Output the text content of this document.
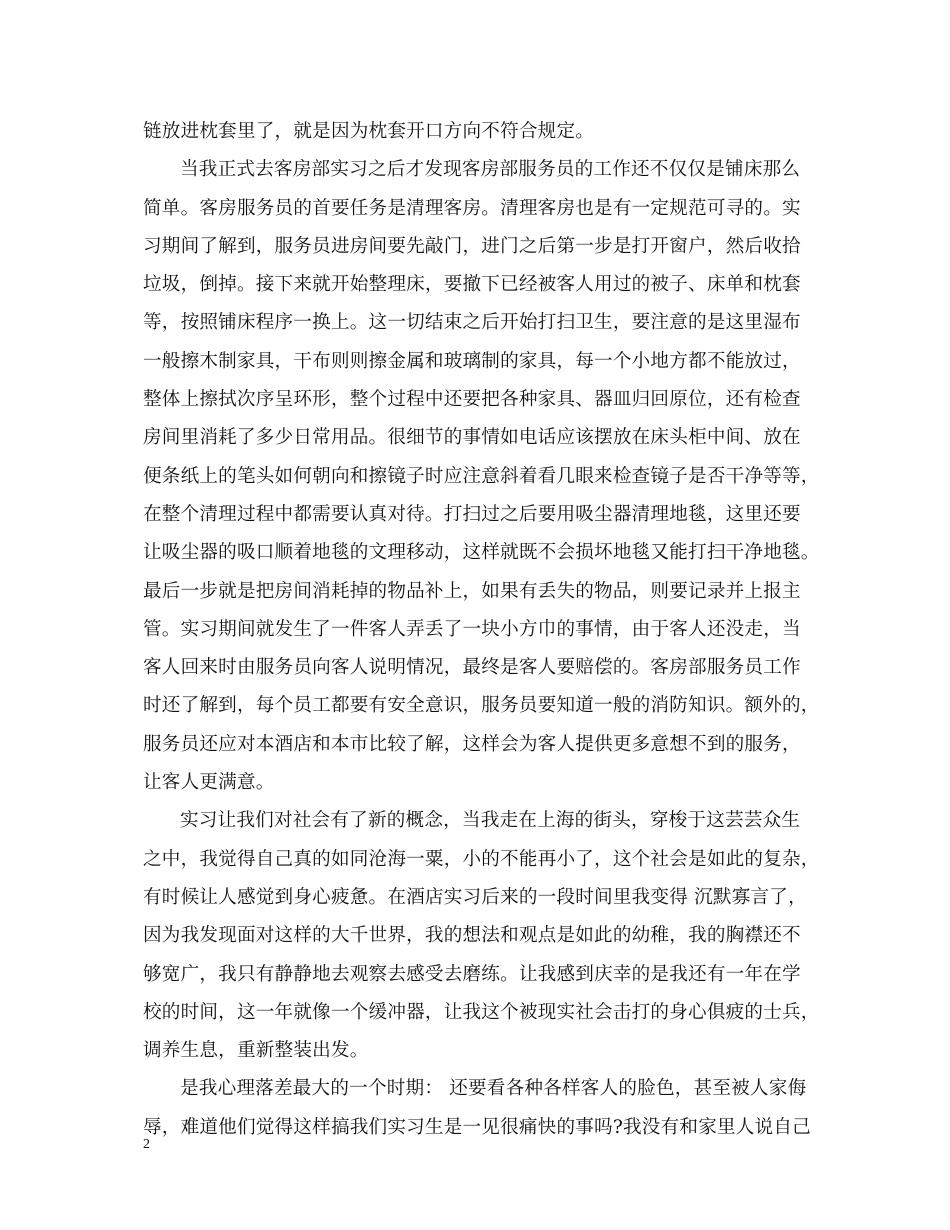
链放进枕套里了，就是因为枕套开口方向不符合规定。
当我正式去客房部实习之后才发现客房部服务员的工作还不仅仅是铺床那么
简单。客房服务员的首要任务是清理客房。清理客房也是有一定规范可寻的。实
习期间了解到，服务员进房间要先敲门，进门之后第一步是打开窗户，然后收拾
垃圾，倒掉。接下来就开始整理床，要撤下已经被客人用过的被子、床单和枕套
等，按照铺床程序一换上。这一切结束之后开始打扫卫生，要注意的是这里湿布
一般擦木制家具，干布则则擦金属和玻璃制的家具，每一个小地方都不能放过，
整体上擦拭次序呈环形，整个过程中还要把各种家具、器皿归回原位，还有检查
房间里消耗了多少日常用品。很细节的事情如电话应该摆放在床头柜中间、放在
便条纸上的笔头如何朝向和擦镜子时应注意斜着看几眼来检查镜子是否干净等等，
在整个清理过程中都需要认真对待。打扫过之后要用吸尘器清理地毯，这里还要
让吸尘器的吸口顺着地毯的文理移动，这样就既不会损坏地毯又能打扫干净地毯。
最后一步就是把房间消耗掉的物品补上，如果有丢失的物品，则要记录并上报主
管。实习期间就发生了一件客人弄丢了一块小方巾的事情，由于客人还没走，当
客人回来时由服务员向客人说明情况，最终是客人要赔偿的。客房部服务员工作
时还了解到，每个员工都要有安全意识，服务员要知道一般的消防知识。额外的，
服务员还应对本酒店和本市比较了解，这样会为客人提供更多意想不到的服务，
让客人更满意。
实习让我们对社会有了新的概念，当我走在上海的街头，穿梭于这芸芸众生
之中，我觉得自己真的如同沧海一粟，小的不能再小了，这个社会是如此的复杂，
有时候让人感觉到身心疲惫。在酒店实习后来的一段时间里我变得 沉默寡言了，
因为我发现面对这样的大千世界，我的想法和观点是如此的幼稚，我的胸襟还不
够宽广，我只有静静地去观察去感受去磨练。让我感到庆幸的是我还有一年在学
校的时间，这一年就像一个缓冲器，让我这个被现实社会击打的身心俱疲的士兵，
调养生息，重新整装出发。
是我心理落差最大的一个时期： 还要看各种各样客人的脸色，甚至被人家侮
辱，难道他们觉得这样搞我们实习生是一见很痛快的事吗?我没有和家里人说自己
2
